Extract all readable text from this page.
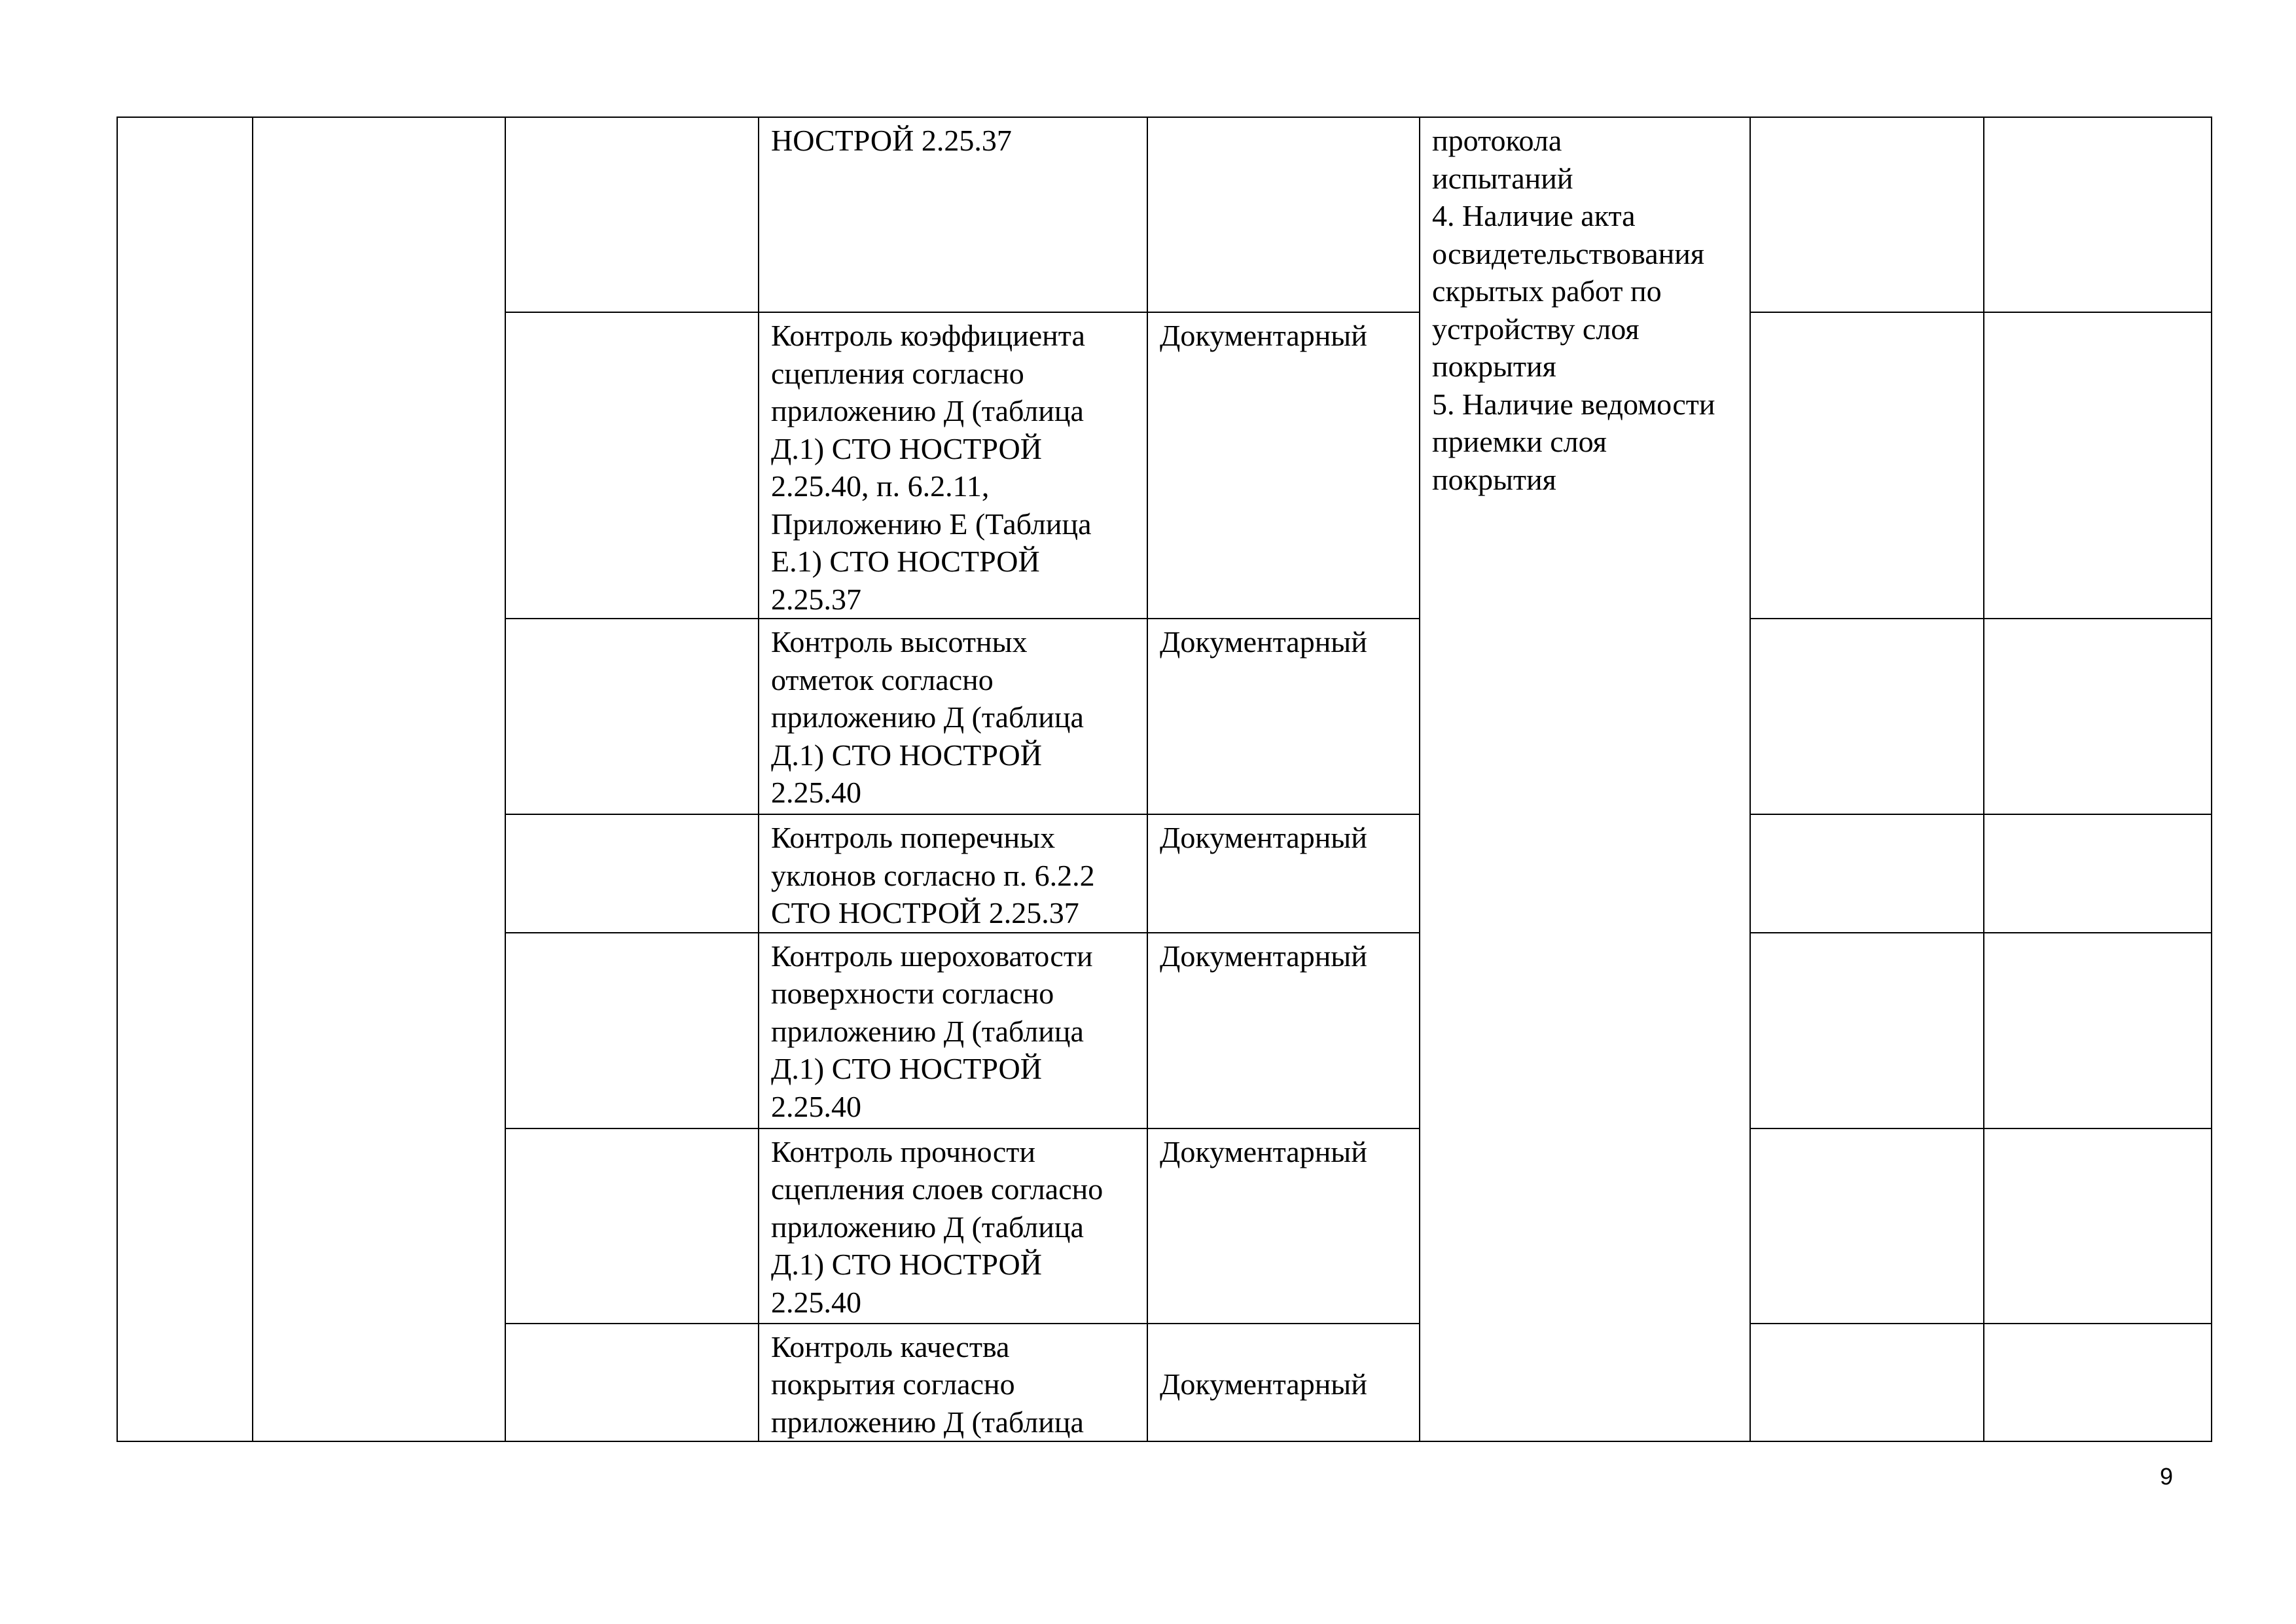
			НОСТРОЙ 2.25.37		протокола
испытаний
4. Наличие акта освидетельствования скрытых работ по устройству слоя покрытия
5. Наличие ведомости приемки слоя покрытия		

			Контроль коэффициента сцепления согласно приложению Д (таблица Д.1) СТО НОСТРОЙ 2.25.40, п. 6.2.11, Приложению Е (Таблица Е.1) СТО НОСТРОЙ 2.25.37	Документарный			

			Контроль высотных отметок согласно приложению Д (таблица Д.1) СТО НОСТРОЙ 2.25.40	Документарный			

			Контроль поперечных уклонов согласно п. 6.2.2 СТО НОСТРОЙ 2.25.37	Документарный			

			Контроль шероховатости поверхности согласно приложению Д (таблица Д.1) СТО НОСТРОЙ 2.25.40	Документарный			

			Контроль прочности сцепления слоев согласно приложению Д (таблица Д.1) СТО НОСТРОЙ 2.25.40	Документарный			

			Контроль качества покрытия согласно приложению Д (таблица	Документарный			

9
